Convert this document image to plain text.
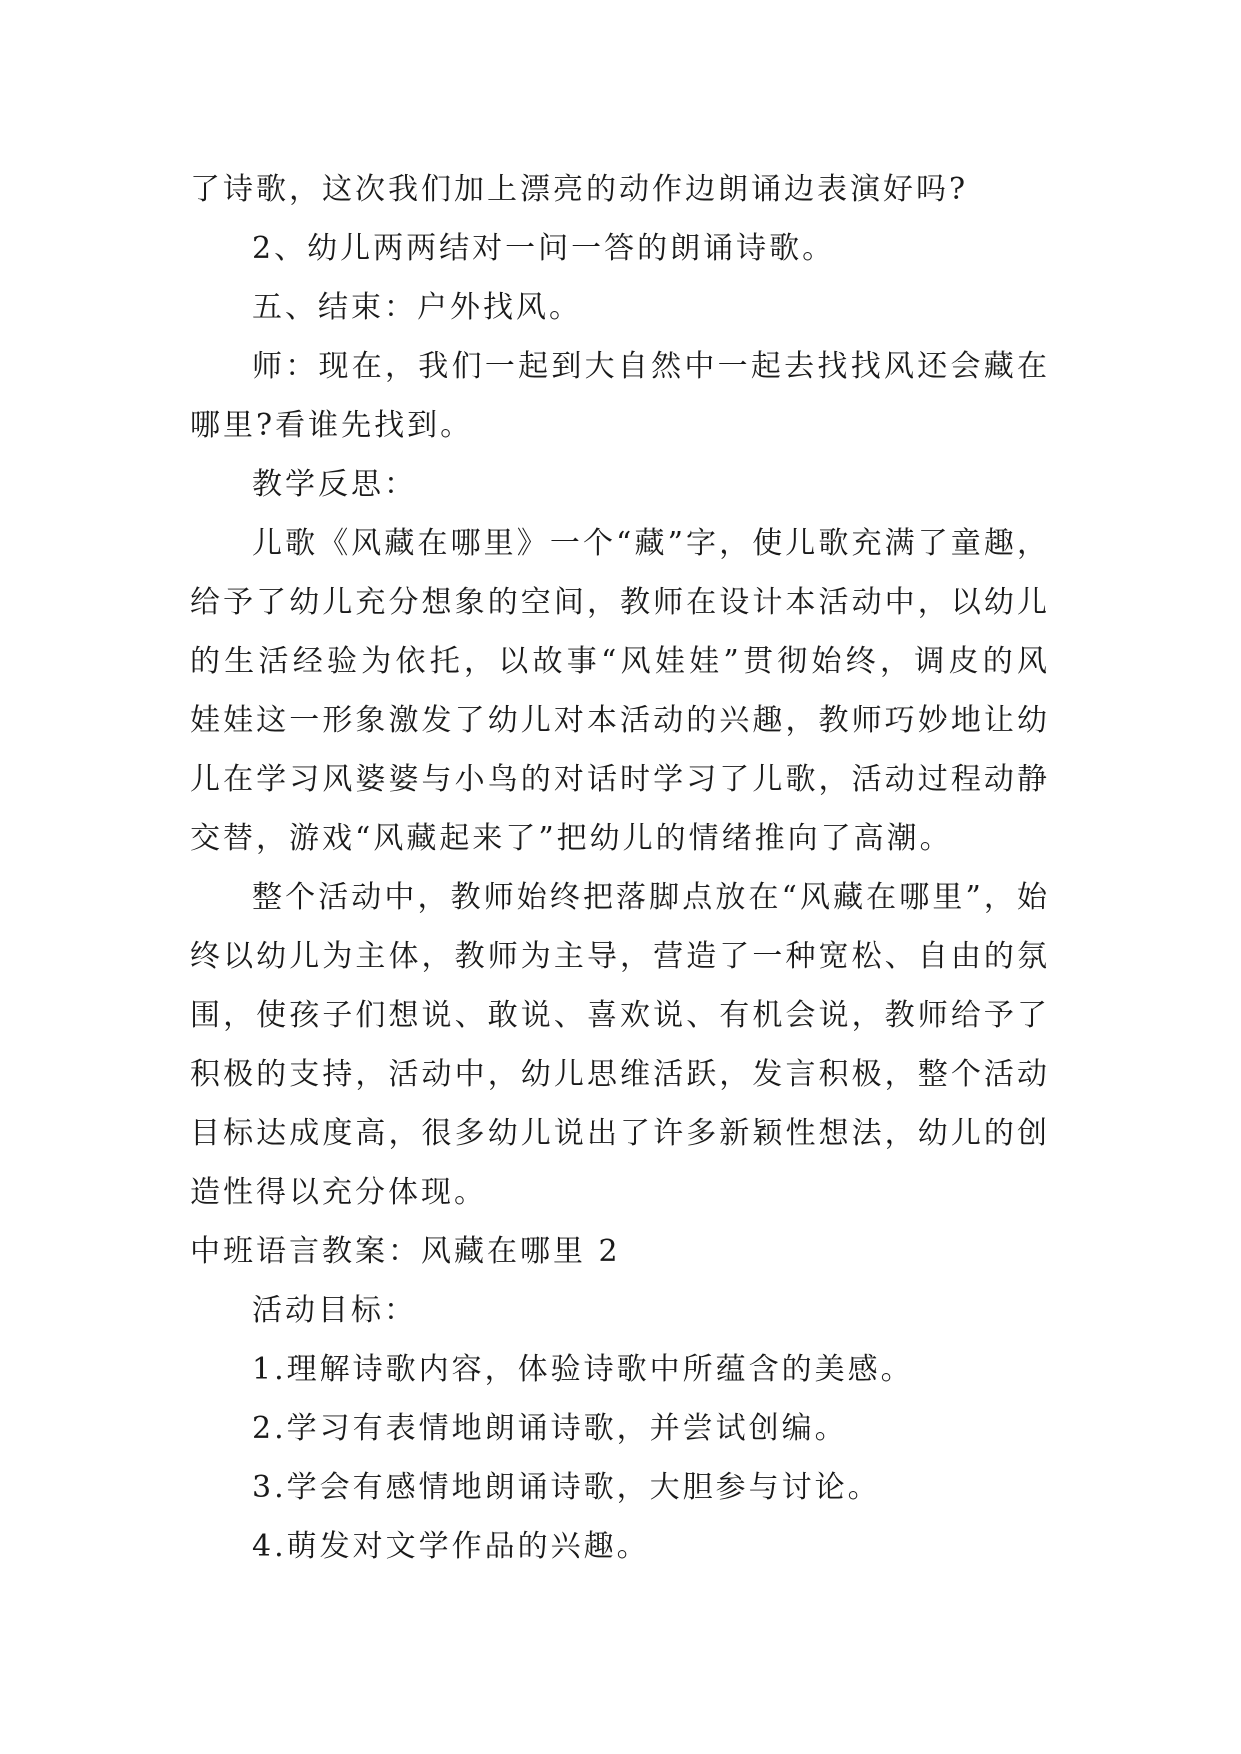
了诗歌，这次我们加上漂亮的动作边朗诵边表演好吗?

2、幼儿两两结对一问一答的朗诵诗歌。

五、结束：户外找风。

师：现在，我们一起到大自然中一起去找找风还会藏在哪里?看谁先找到。

教学反思：

儿歌《风藏在哪里》一个“藏”字，使儿歌充满了童趣，给予了幼儿充分想象的空间，教师在设计本活动中，以幼儿的生活经验为依托，以故事“风娃娃”贯彻始终，调皮的风娃娃这一形象激发了幼儿对本活动的兴趣，教师巧妙地让幼儿在学习风婆婆与小鸟的对话时学习了儿歌，活动过程动静交替，游戏“风藏起来了”把幼儿的情绪推向了高潮。

整个活动中，教师始终把落脚点放在“风藏在哪里”，始终以幼儿为主体，教师为主导，营造了一种宽松、自由的氛围，使孩子们想说、敢说、喜欢说、有机会说，教师给予了积极的支持，活动中，幼儿思维活跃，发言积极，整个活动目标达成度高，很多幼儿说出了许多新颖性想法，幼儿的创造性得以充分体现。

中班语言教案：风藏在哪里 2

活动目标：

1.理解诗歌内容，体验诗歌中所蕴含的美感。

2.学习有表情地朗诵诗歌，并尝试创编。

3.学会有感情地朗诵诗歌，大胆参与讨论。

4.萌发对文学作品的兴趣。
